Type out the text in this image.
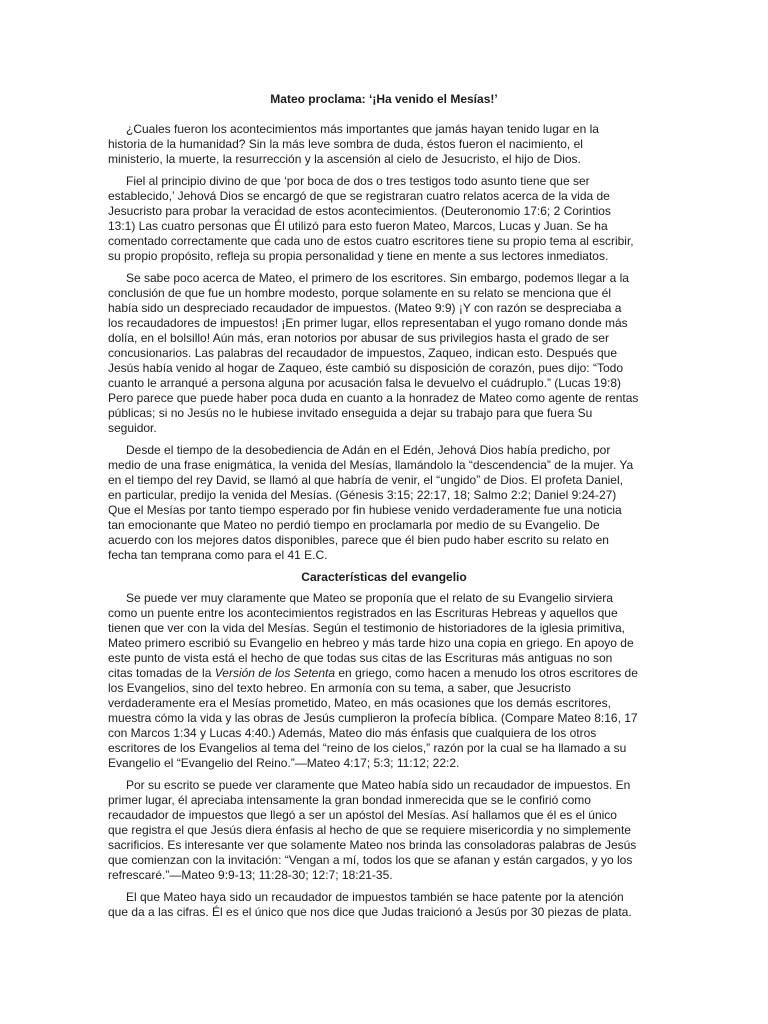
Mateo proclama: ‘¡Ha venido el Mesías!’
¿Cuales fueron los acontecimientos más importantes que jamás hayan tenido lugar en la
historia de la humanidad? Sin la más leve sombra de duda, éstos fueron el nacimiento, el
ministerio, la muerte, la resurrección y la ascensión al cielo de Jesucristo, el hijo de Dios.
Fiel al principio divino de que ‘por boca de dos o tres testigos todo asunto tiene que ser
establecido,’ Jehová Dios se encargó de que se registraran cuatro relatos acerca de la vida de
Jesucristo para probar la veracidad de estos acontecimientos. (Deuteronomio 17:6; 2 Corintios
13:1) Las cuatro personas que Él utilizó para esto fueron Mateo, Marcos, Lucas y Juan. Se ha
comentado correctamente que cada uno de estos cuatro escritores tiene su propio tema al escribir,
su propio propósito, refleja su propia personalidad y tiene en mente a sus lectores inmediatos.
Se sabe poco acerca de Mateo, el primero de los escritores. Sin embargo, podemos llegar a la
conclusión de que fue un hombre modesto, porque solamente en su relato se menciona que él
había sido un despreciado recaudador de impuestos. (Mateo 9:9) ¡Y con razón se despreciaba a
los recaudadores de impuestos! ¡En primer lugar, ellos representaban el yugo romano donde más
dolía, en el bolsillo! Aún más, eran notorios por abusar de sus privilegios hasta el grado de ser
concusionarios. Las palabras del recaudador de impuestos, Zaqueo, indican esto. Después que
Jesús había venido al hogar de Zaqueo, éste cambió su disposición de corazón, pues dijo: “Todo
cuanto le arranqué a persona alguna por acusación falsa le devuelvo el cuádruplo.” (Lucas 19:8)
Pero parece que puede haber poca duda en cuanto a la honradez de Mateo como agente de rentas
públicas; si no Jesús no le hubiese invitado enseguida a dejar su trabajo para que fuera Su
seguidor.
Desde el tiempo de la desobediencia de Adán en el Edén, Jehová Dios había predicho, por
medio de una frase enigmática, la venida del Mesías, llamándolo la “descendencia” de la mujer. Ya
en el tiempo del rey David, se llamó al que habría de venir, el “ungido” de Dios. El profeta Daniel,
en particular, predijo la venida del Mesías. (Génesis 3:15; 22:17, 18; Salmo 2:2; Daniel 9:24-27)
Que el Mesías por tanto tiempo esperado por fin hubiese venido verdaderamente fue una noticia
tan emocionante que Mateo no perdió tiempo en proclamarla por medio de su Evangelio. De
acuerdo con los mejores datos disponibles, parece que él bien pudo haber escrito su relato en
fecha tan temprana como para el 41 E.C.
Características del evangelio
Se puede ver muy claramente que Mateo se proponía que el relato de su Evangelio sirviera
como un puente entre los acontecimientos registrados en las Escrituras Hebreas y aquellos que
tienen que ver con la vida del Mesías. Según el testimonio de historiadores de la iglesia primitiva,
Mateo primero escribió su Evangelio en hebreo y más tarde hizo una copia en griego. En apoyo de
este punto de vista está el hecho de que todas sus citas de las Escrituras más antiguas no son
citas tomadas de la Versión de los Setenta en griego, como hacen a menudo los otros escritores de
los Evangelios, sino del texto hebreo. En armonía con su tema, a saber, que Jesucristo
verdaderamente era el Mesías prometido, Mateo, en más ocasiones que los demás escritores,
muestra cómo la vida y las obras de Jesús cumplieron la profecía bíblica. (Compare Mateo 8:16, 17
con Marcos 1:34 y Lucas 4:40.) Además, Mateo dio más énfasis que cualquiera de los otros
escritores de los Evangelios al tema del “reino de los cielos,” razón por la cual se ha llamado a su
Evangelio el “Evangelio del Reino.”—Mateo 4:17; 5:3; 11:12; 22:2.
Por su escrito se puede ver claramente que Mateo había sido un recaudador de impuestos. En
primer lugar, él apreciaba intensamente la gran bondad inmerecida que se le confirió como
recaudador de impuestos que llegó a ser un apóstol del Mesías. Así hallamos que él es el único
que registra el que Jesús diera énfasis al hecho de que se requiere misericordia y no simplemente
sacrificios. Es interesante ver que solamente Mateo nos brinda las consoladoras palabras de Jesús
que comienzan con la invitación: “Vengan a mí, todos los que se afanan y están cargados, y yo los
refrescaré.”—Mateo 9:9-13; 11:28-30; 12:7; 18:21-35.
El que Mateo haya sido un recaudador de impuestos también se hace patente por la atención
que da a las cifras. Él es el único que nos dice que Judas traicionó a Jesús por 30 piezas de plata.
